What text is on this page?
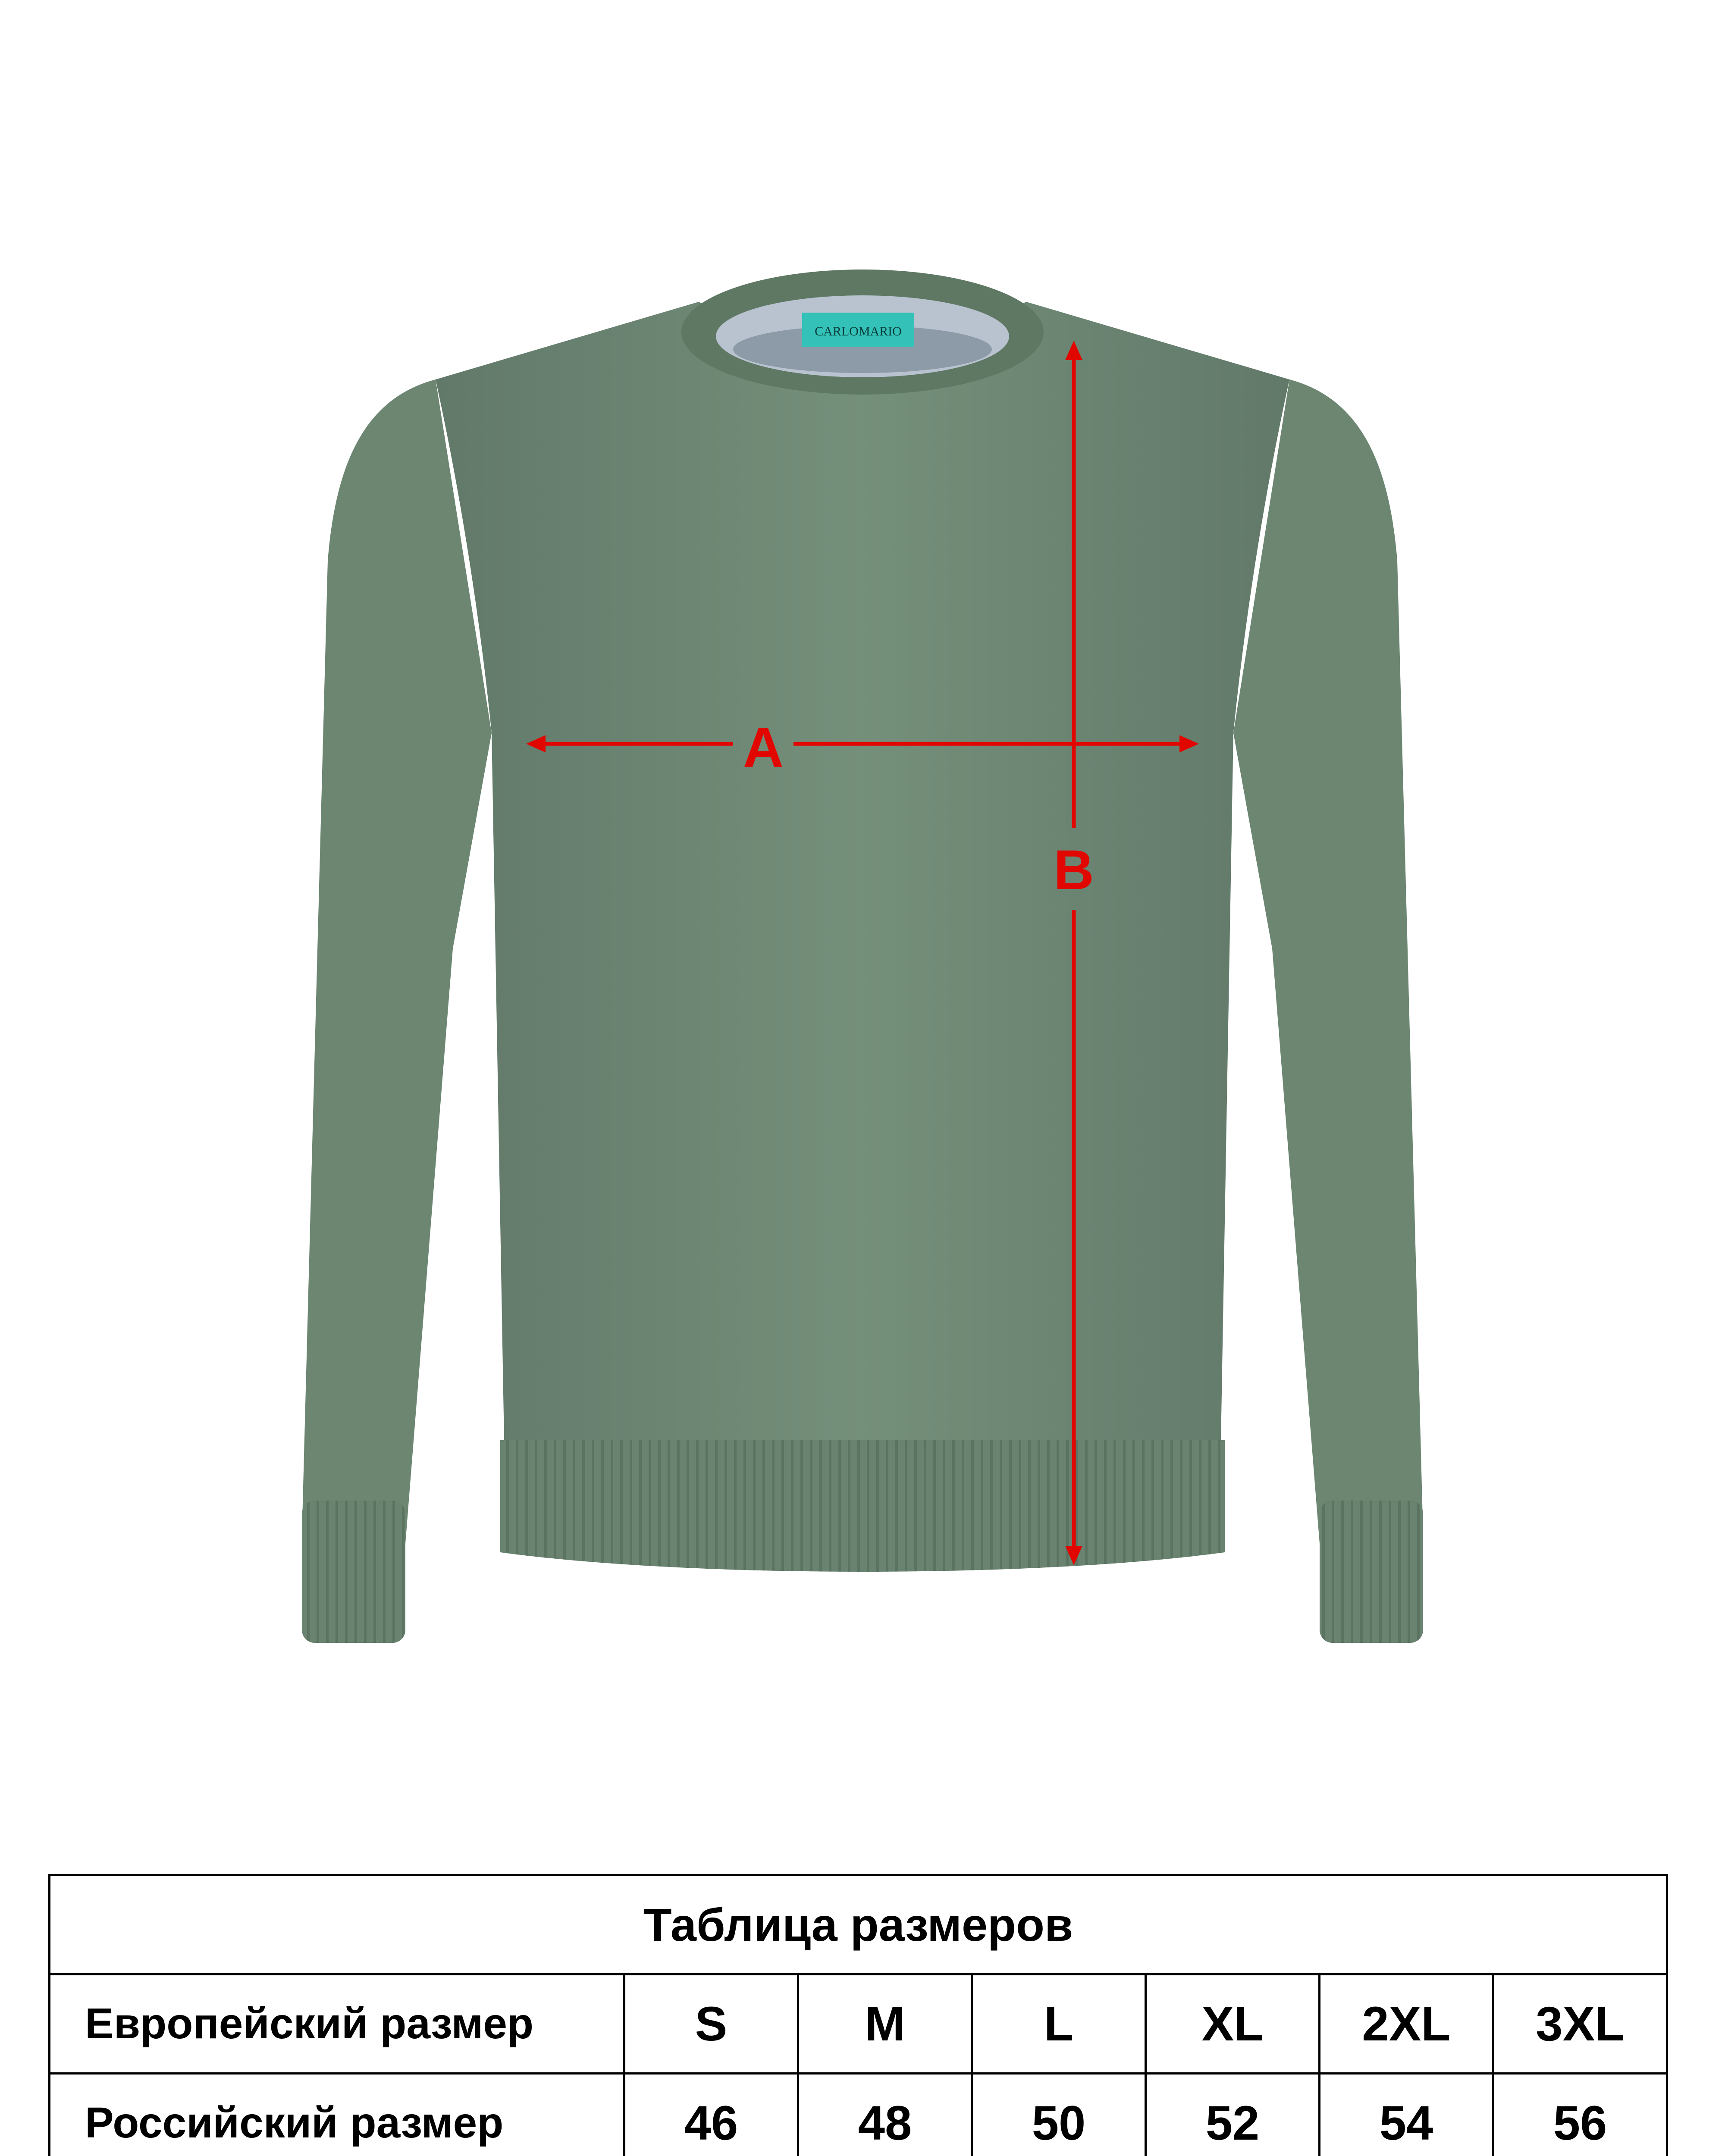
CARLOMARIO
A
B
Таблица размеров						
Европейский размер	S	M	L	XL	2XL	3XL
Российский размер	46	48	50	52	54	56
